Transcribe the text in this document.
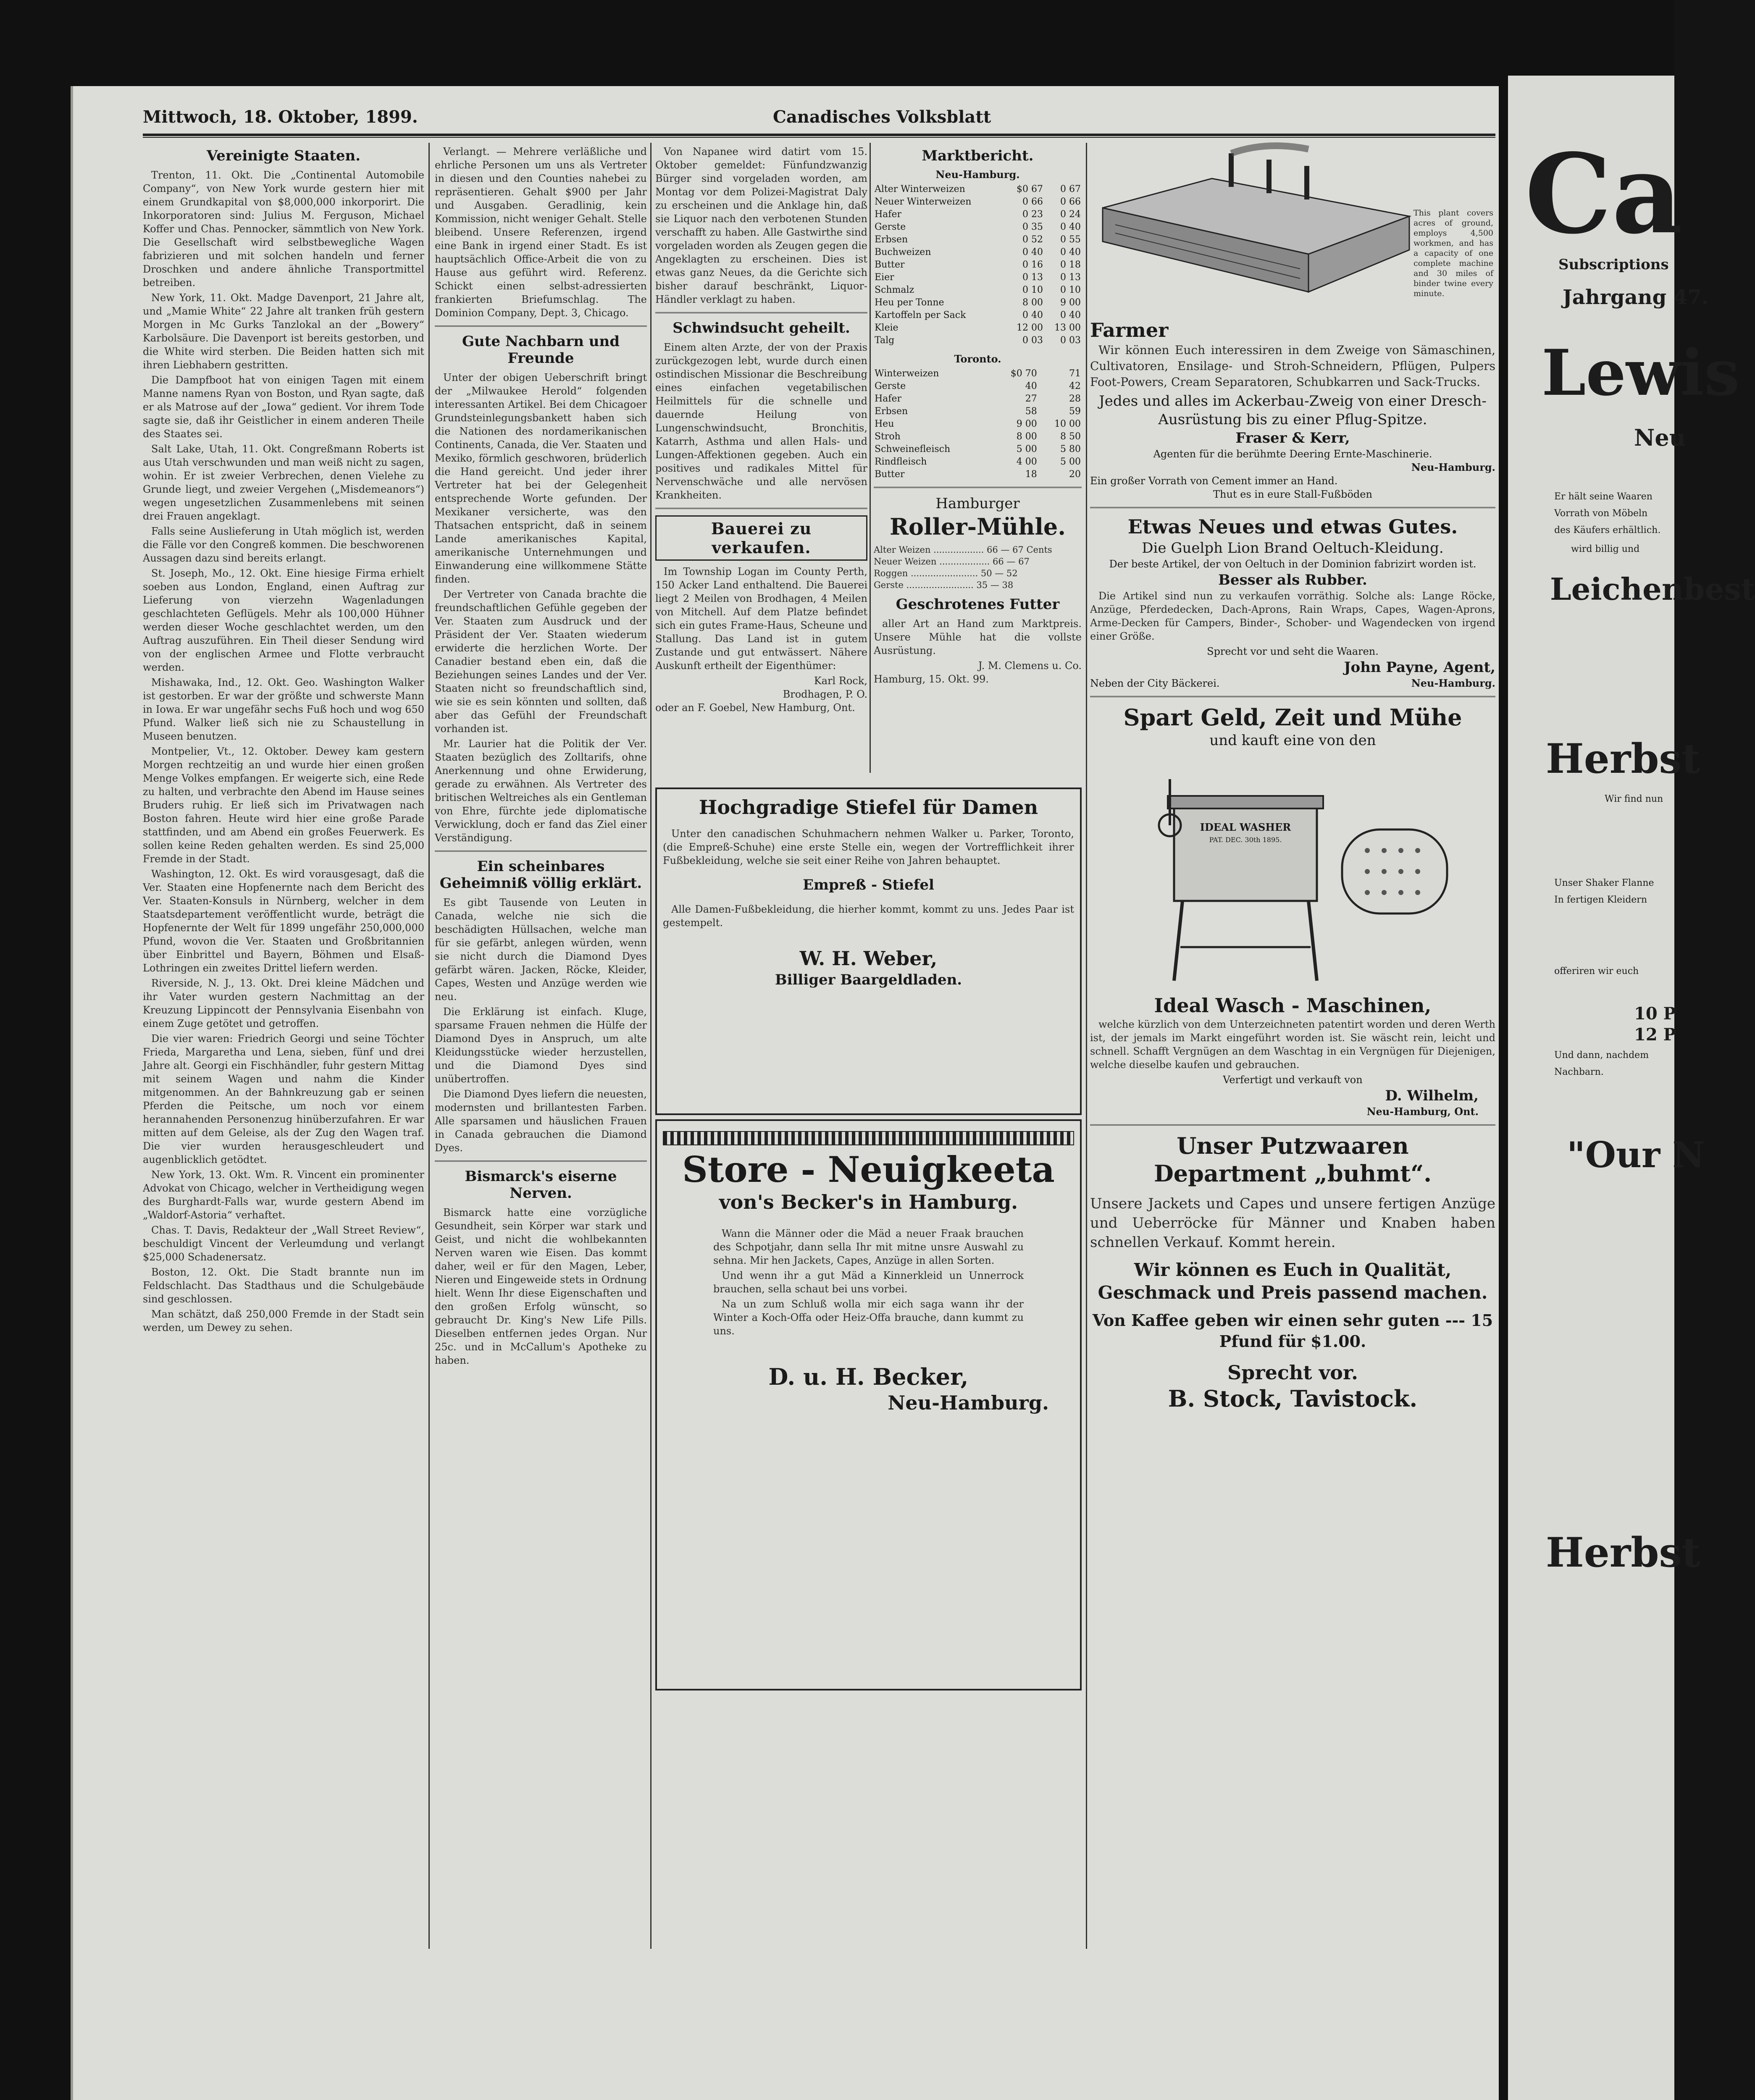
Mittwoch, 18. Oktober, 1899.	Canadisches Volksblatt
Vereinigte Staaten.

Trenton, 11. Okt. Die „Continental Automobile Company“, von New York wurde gestern hier mit einem Grundkapital von $8,000,000 inkorporirt. Die Inkorporatoren sind: Julius M. Ferguson, Michael Koffer und Chas. Pennocker, sämmtlich von New York. Die Gesellschaft wird selbstbewegliche Wagen fabrizieren und mit solchen handeln und ferner Droschken und andere ähnliche Transportmittel betreiben.

New York, 11. Okt. Madge Davenport, 21 Jahre alt, und „Mamie White“ 22 Jahre alt tranken früh gestern Morgen in Mc Gurks Tanzlokal an der „Bowery“ Karbolsäure. Die Davenport ist bereits gestorben, und die White wird sterben. Die Beiden hatten sich mit ihren Liebhabern gestritten.

Die Dampfboot hat von einigen Tagen mit einem Manne namens Ryan von Boston, und Ryan sagte, daß er als Matrose auf der „Iowa“ gedient. Vor ihrem Tode sagte sie, daß ihr Geistlicher in einem anderen Theile des Staates sei.

Salt Lake, Utah, 11. Okt. Congreßmann Roberts ist aus Utah verschwunden und man weiß nicht zu sagen, wohin. Er ist zweier Verbrechen, denen Vielehe zu Grunde liegt, und zweier Vergehen („Misdemeanors“) wegen ungesetzlichen Zusammenlebens mit seinen drei Frauen angeklagt.

Falls seine Auslieferung in Utah möglich ist, werden die Fälle vor den Congreß kommen. Die beschworenen Aussagen dazu sind bereits erlangt.

St. Joseph, Mo., 12. Okt. Eine hiesige Firma erhielt soeben aus London, England, einen Auftrag zur Lieferung von vierzehn Wagenladungen geschlachteten Geflügels. Mehr als 100,000 Hühner werden dieser Woche geschlachtet werden, um den Auftrag auszuführen. Ein Theil dieser Sendung wird von der englischen Armee und Flotte verbraucht werden.

Mishawaka, Ind., 12. Okt. Geo. Washington Walker ist gestorben. Er war der größte und schwerste Mann in Iowa. Er war ungefähr sechs Fuß hoch und wog 650 Pfund. Walker ließ sich nie zu Schaustellung in Museen benutzen.

Montpelier, Vt., 12. Oktober. Dewey kam gestern Morgen rechtzeitig an und wurde hier einen großen Menge Volkes empfangen. Er weigerte sich, eine Rede zu halten, und verbrachte den Abend im Hause seines Bruders ruhig. Er ließ sich im Privatwagen nach Boston fahren. Heute wird hier eine große Parade stattfinden, und am Abend ein großes Feuerwerk. Es sollen keine Reden gehalten werden. Es sind 25,000 Fremde in der Stadt.

Washington, 12. Okt. Es wird vorausgesagt, daß die Ver. Staaten eine Hopfenernte nach dem Bericht des Ver. Staaten-Konsuls in Nürnberg, welcher in dem Staatsdepartement veröffentlicht wurde, beträgt die Hopfenernte der Welt für 1899 ungefähr 250,000,000 Pfund, wovon die Ver. Staaten und Großbritannien über Einbrittel und Bayern, Böhmen und Elsaß-Lothringen ein zweites Drittel liefern werden.

Riverside, N. J., 13. Okt. Drei kleine Mädchen und ihr Vater wurden gestern Nachmittag an der Kreuzung Lippincott der Pennsylvania Eisenbahn von einem Zuge getötet und getroffen.

Die vier waren: Friedrich Georgi und seine Töchter Frieda, Margaretha und Lena, sieben, fünf und drei Jahre alt. Georgi ein Fischhändler, fuhr gestern Mittag mit seinem Wagen und nahm die Kinder mitgenommen. An der Bahnkreuzung gab er seinen Pferden die Peitsche, um noch vor einem herannahenden Personenzug hinüberzufahren. Er war mitten auf dem Geleise, als der Zug den Wagen traf. Die vier wurden herausgeschleudert und augenblicklich getödtet.

New York, 13. Okt. Wm. R. Vincent ein prominenter Advokat von Chicago, welcher in Vertheidigung wegen des Burghardt-Falls war, wurde gestern Abend im „Waldorf-Astoria“ verhaftet.

Chas. T. Davis, Redakteur der „Wall Street Review“, beschuldigt Vincent der Verleumdung und verlangt $25,000 Schadenersatz.

Boston, 12. Okt. Die Stadt brannte nun im Feldschlacht. Das Stadthaus und die Schulgebäude sind geschlossen.

Man schätzt, daß 250,000 Fremde in der Stadt sein werden, um Dewey zu sehen.

Verlangt. — Mehrere verläßliche und ehrliche Personen um uns als Vertreter in diesen und den Counties nahebei zu repräsentieren. Gehalt $900 per Jahr und Ausgaben. Geradlinig, kein Kommission, nicht weniger Gehalt. Stelle bleibend. Unsere Referenzen, irgend eine Bank in irgend einer Stadt. Es ist hauptsächlich Office-Arbeit die von zu Hause aus geführt wird. Referenz. Schickt einen selbst-adressierten frankierten Briefumschlag. The Dominion Company, Dept. 3, Chicago.

Gute Nachbarn und Freunde

Unter der obigen Ueberschrift bringt der „Milwaukee Herold“ folgenden interessanten Artikel. Bei dem Chicagoer Grundsteinlegungsbankett haben sich die Nationen des nordamerikanischen Continents, Canada, die Ver. Staaten und Mexiko, förmlich geschworen, brüderlich die Hand gereicht. Und jeder ihrer Vertreter hat bei der Gelegenheit entsprechende Worte gefunden. Der Mexikaner versicherte, was den Thatsachen entspricht, daß in seinem Lande amerikanisches Kapital, amerikanische Unternehmungen und Einwanderung eine willkommene Stätte finden.

Der Vertreter von Canada brachte die freundschaftlichen Gefühle gegeben der Ver. Staaten zum Ausdruck und der Präsident der Ver. Staaten wiederum erwiderte die herzlichen Worte. Der Canadier bestand eben ein, daß die Beziehungen seines Landes und der Ver. Staaten nicht so freundschaftlich sind, wie sie es sein könnten und sollten, daß aber das Gefühl der Freundschaft vorhanden ist.

Mr. Laurier hat die Politik der Ver. Staaten bezüglich des Zolltarifs, ohne Anerkennung und ohne Erwiderung, gerade zu erwähnen. Als Vertreter des britischen Weltreiches als ein Gentleman von Ehre, fürchte jede diplomatische Verwicklung, doch er fand das Ziel einer Verständigung.

Ein scheinbares Geheimniß völlig erklärt.

Es gibt Tausende von Leuten in Canada, welche nie sich die beschädigten Hüllsachen, welche man für sie gefärbt, anlegen würden, wenn sie nicht durch die Diamond Dyes gefärbt wären. Jacken, Röcke, Kleider, Capes, Westen und Anzüge werden wie neu.

Die Erklärung ist einfach. Kluge, sparsame Frauen nehmen die Hülfe der Diamond Dyes in Anspruch, um alte Kleidungsstücke wieder herzustellen, und die Diamond Dyes sind unübertroffen.

Die Diamond Dyes liefern die neuesten, modernsten und brillantesten Farben. Alle sparsamen und häuslichen Frauen in Canada gebrauchen die Diamond Dyes.

Bismarck's eiserne Nerven.

Bismarck hatte eine vorzügliche Gesundheit, sein Körper war stark und Geist, und nicht die wohlbekannten Nerven waren wie Eisen. Das kommt daher, weil er für den Magen, Leber, Nieren und Eingeweide stets in Ordnung hielt. Wenn Ihr diese Eigenschaften und den großen Erfolg wünscht, so gebraucht Dr. King's New Life Pills. Dieselben entfernen jedes Organ. Nur 25c. und in McCallum's Apotheke zu haben.

Von Napanee wird datirt vom 15. Oktober gemeldet: Fünfundzwanzig Bürger sind vorgeladen worden, am Montag vor dem Polizei-Magistrat Daly zu erscheinen und die Anklage hin, daß sie Liquor nach den verbotenen Stunden verschafft zu haben. Alle Gastwirthe sind vorgeladen worden als Zeugen gegen die Angeklagten zu erscheinen. Dies ist etwas ganz Neues, da die Gerichte sich bisher darauf beschränkt, Liquor-Händler verklagt zu haben.

Schwindsucht geheilt.

Einem alten Arzte, der von der Praxis zurückgezogen lebt, wurde durch einen ostindischen Missionar die Beschreibung eines einfachen vegetabilischen Heilmittels für die schnelle und dauernde Heilung von Lungenschwindsucht, Bronchitis, Katarrh, Asthma und allen Hals- und Lungen-Affektionen gegeben. Auch ein positives und radikales Mittel für Nervenschwäche und alle nervösen Krankheiten.

Bauerei zu verkaufen.

Im Township Logan im County Perth, 150 Acker Land enthaltend. Die Bauerei liegt 2 Meilen von Brodhagen, 4 Meilen von Mitchell. Auf dem Platze befindet sich ein gutes Frame-Haus, Scheune und Stallung. Das Land ist in gutem Zustande und gut entwässert. Nähere Auskunft ertheilt der Eigenthümer:

Karl Rock,

Brodhagen, P. O.

oder an F. Goebel, New Hamburg, Ont.

Marktbericht.
Neu-Hamburg.
Alter Winterweizen	$0 67	0 67
Neuer Winterweizen	0 66	0 66
Hafer	0 23	0 24
Gerste	0 35	0 40
Erbsen	0 52	0 55
Buchweizen	0 40	0 40
Butter	0 16	0 18
Eier	0 13	0 13
Schmalz	0 10	0 10
Heu per Tonne	8 00	9 00
Kartoffeln per Sack	0 40	0 40
Kleie	12 00	13 00
Talg	0 03	0 03
Toronto.
Winterweizen	$0 70	71
Gerste	40	42
Hafer	27	28
Erbsen	58	59
Heu	9 00	10 00
Stroh	8 00	8 50
Schweinefleisch	5 00	5 80
Rindfleisch	4 00	5 00
Butter	18	20
Hamburger
Roller-Mühle.
Alter Weizen .................. 66 — 67 Cents
Neuer Weizen .................. 66 — 67
Roggen ........................ 50 — 52
Gerste ........................ 35 — 38
Geschrotenes Futter

aller Art an Hand zum Marktpreis. Unsere Mühle hat die vollste Ausrüstung.

J. M. Clemens u. Co.

Hamburg, 15. Okt. 99.

Hochgradige Stiefel für Damen

Unter den canadischen Schuhmachern nehmen Walker u. Parker, Toronto, (die Empreß-Schuhe) eine erste Stelle ein, wegen der Vortrefflichkeit ihrer Fußbekleidung, welche sie seit einer Reihe von Jahren behauptet.

Empreß - Stiefel

Alle Damen-Fußbekleidung, die hierher kommt, kommt zu uns. Jedes Paar ist gestempelt.

W. H. Weber,
Billiger Baargeldladen.
Store - Neuigkeeta
von's Becker's in Hamburg.

Wann die Männer oder die Mäd a neuer Fraak brauchen des Schpotjahr, dann sella Ihr mit mitne unsre Auswahl zu sehna. Mir hen Jackets, Capes, Anzüge in allen Sorten.

Und wenn ihr a gut Mäd a Kinnerkleid un Unnerrock brauchen, sella schaut bei uns vorbei.

Na un zum Schluß wolla mir eich saga wann ihr der Winter a Koch-Offa oder Heiz-Offa brauche, dann kummt zu uns.

D. u. H. Becker,
Neu-Hamburg.
This plant covers acres of ground, employs 4,500 workmen, and has a capacity of one complete machine and 30 miles of binder twine every minute.
Farmer

Wir können Euch interessiren in dem Zweige von Sämaschinen, Cultivatoren, Ensilage- und Stroh-Schneidern, Pflügen, Pulpers Foot-Powers, Cream Separatoren, Schubkarren und Sack-Trucks.

Jedes und alles im Ackerbau-Zweig von einer Dresch-Ausrüstung bis zu einer Pflug-Spitze.

Fraser & Kerr,

Agenten für die berühmte Deering Ernte-Maschinerie.

Neu-Hamburg.

Ein großer Vorrath von Cement immer an Hand.

Thut es in eure Stall-Fußböden

Etwas Neues und etwas Gutes.
Die Guelph Lion Brand Oeltuch-Kleidung.

Der beste Artikel, der von Oeltuch in der Dominion fabrizirt worden ist.

Besser als Rubber.

Die Artikel sind nun zu verkaufen vorräthig. Solche als: Lange Röcke, Anzüge, Pferdedecken, Dach-Aprons, Rain Wraps, Capes, Wagen-Aprons, Arme-Decken für Campers, Binder-, Schober- und Wagendecken von irgend einer Größe.

Sprecht vor und seht die Waaren.

John Payne, Agent,

Neben der City Bäckerei.	Neu-Hamburg.

Spart Geld, Zeit und Mühe
und kauft eine von den
IDEAL WASHER
PAT. DEC. 30th 1895.
Ideal Wasch - Maschinen,

welche kürzlich von dem Unterzeichneten patentirt worden und deren Werth ist, der jemals im Markt eingeführt worden ist. Sie wäscht rein, leicht und schnell. Schafft Vergnügen an dem Waschtag in ein Vergnügen für Diejenigen, welche dieselbe kaufen und gebrauchen.

Verfertigt und verkauft von

D. Wilhelm,

Neu-Hamburg, Ont.

Unser Putzwaaren
Department „buhmt“.

Unsere Jackets und Capes und unsere fertigen Anzüge und Ueberröcke für Männer und Knaben haben schnellen Verkauf. Kommt herein.

Wir können es Euch in Qualität, Geschmack und Preis passend machen.
Von Kaffee geben wir einen sehr guten --- 15 Pfund für $1.00.
Sprecht vor.
B. Stock, Tavistock.
Ca
Subscriptions
Jahrgang 47.
Lewis
Neu
Er hält seine Waaren
Vorrath von Möbeln
des Käufers erhältlich.
wird billig und
Leichenbest
Herbst
Wir find nun
Unser Shaker Flanne
In fertigen Kleidern
offeriren wir euch
10 P
12 P
Und dann, nachdem
Nachbarn.
"Our N
Herbst
